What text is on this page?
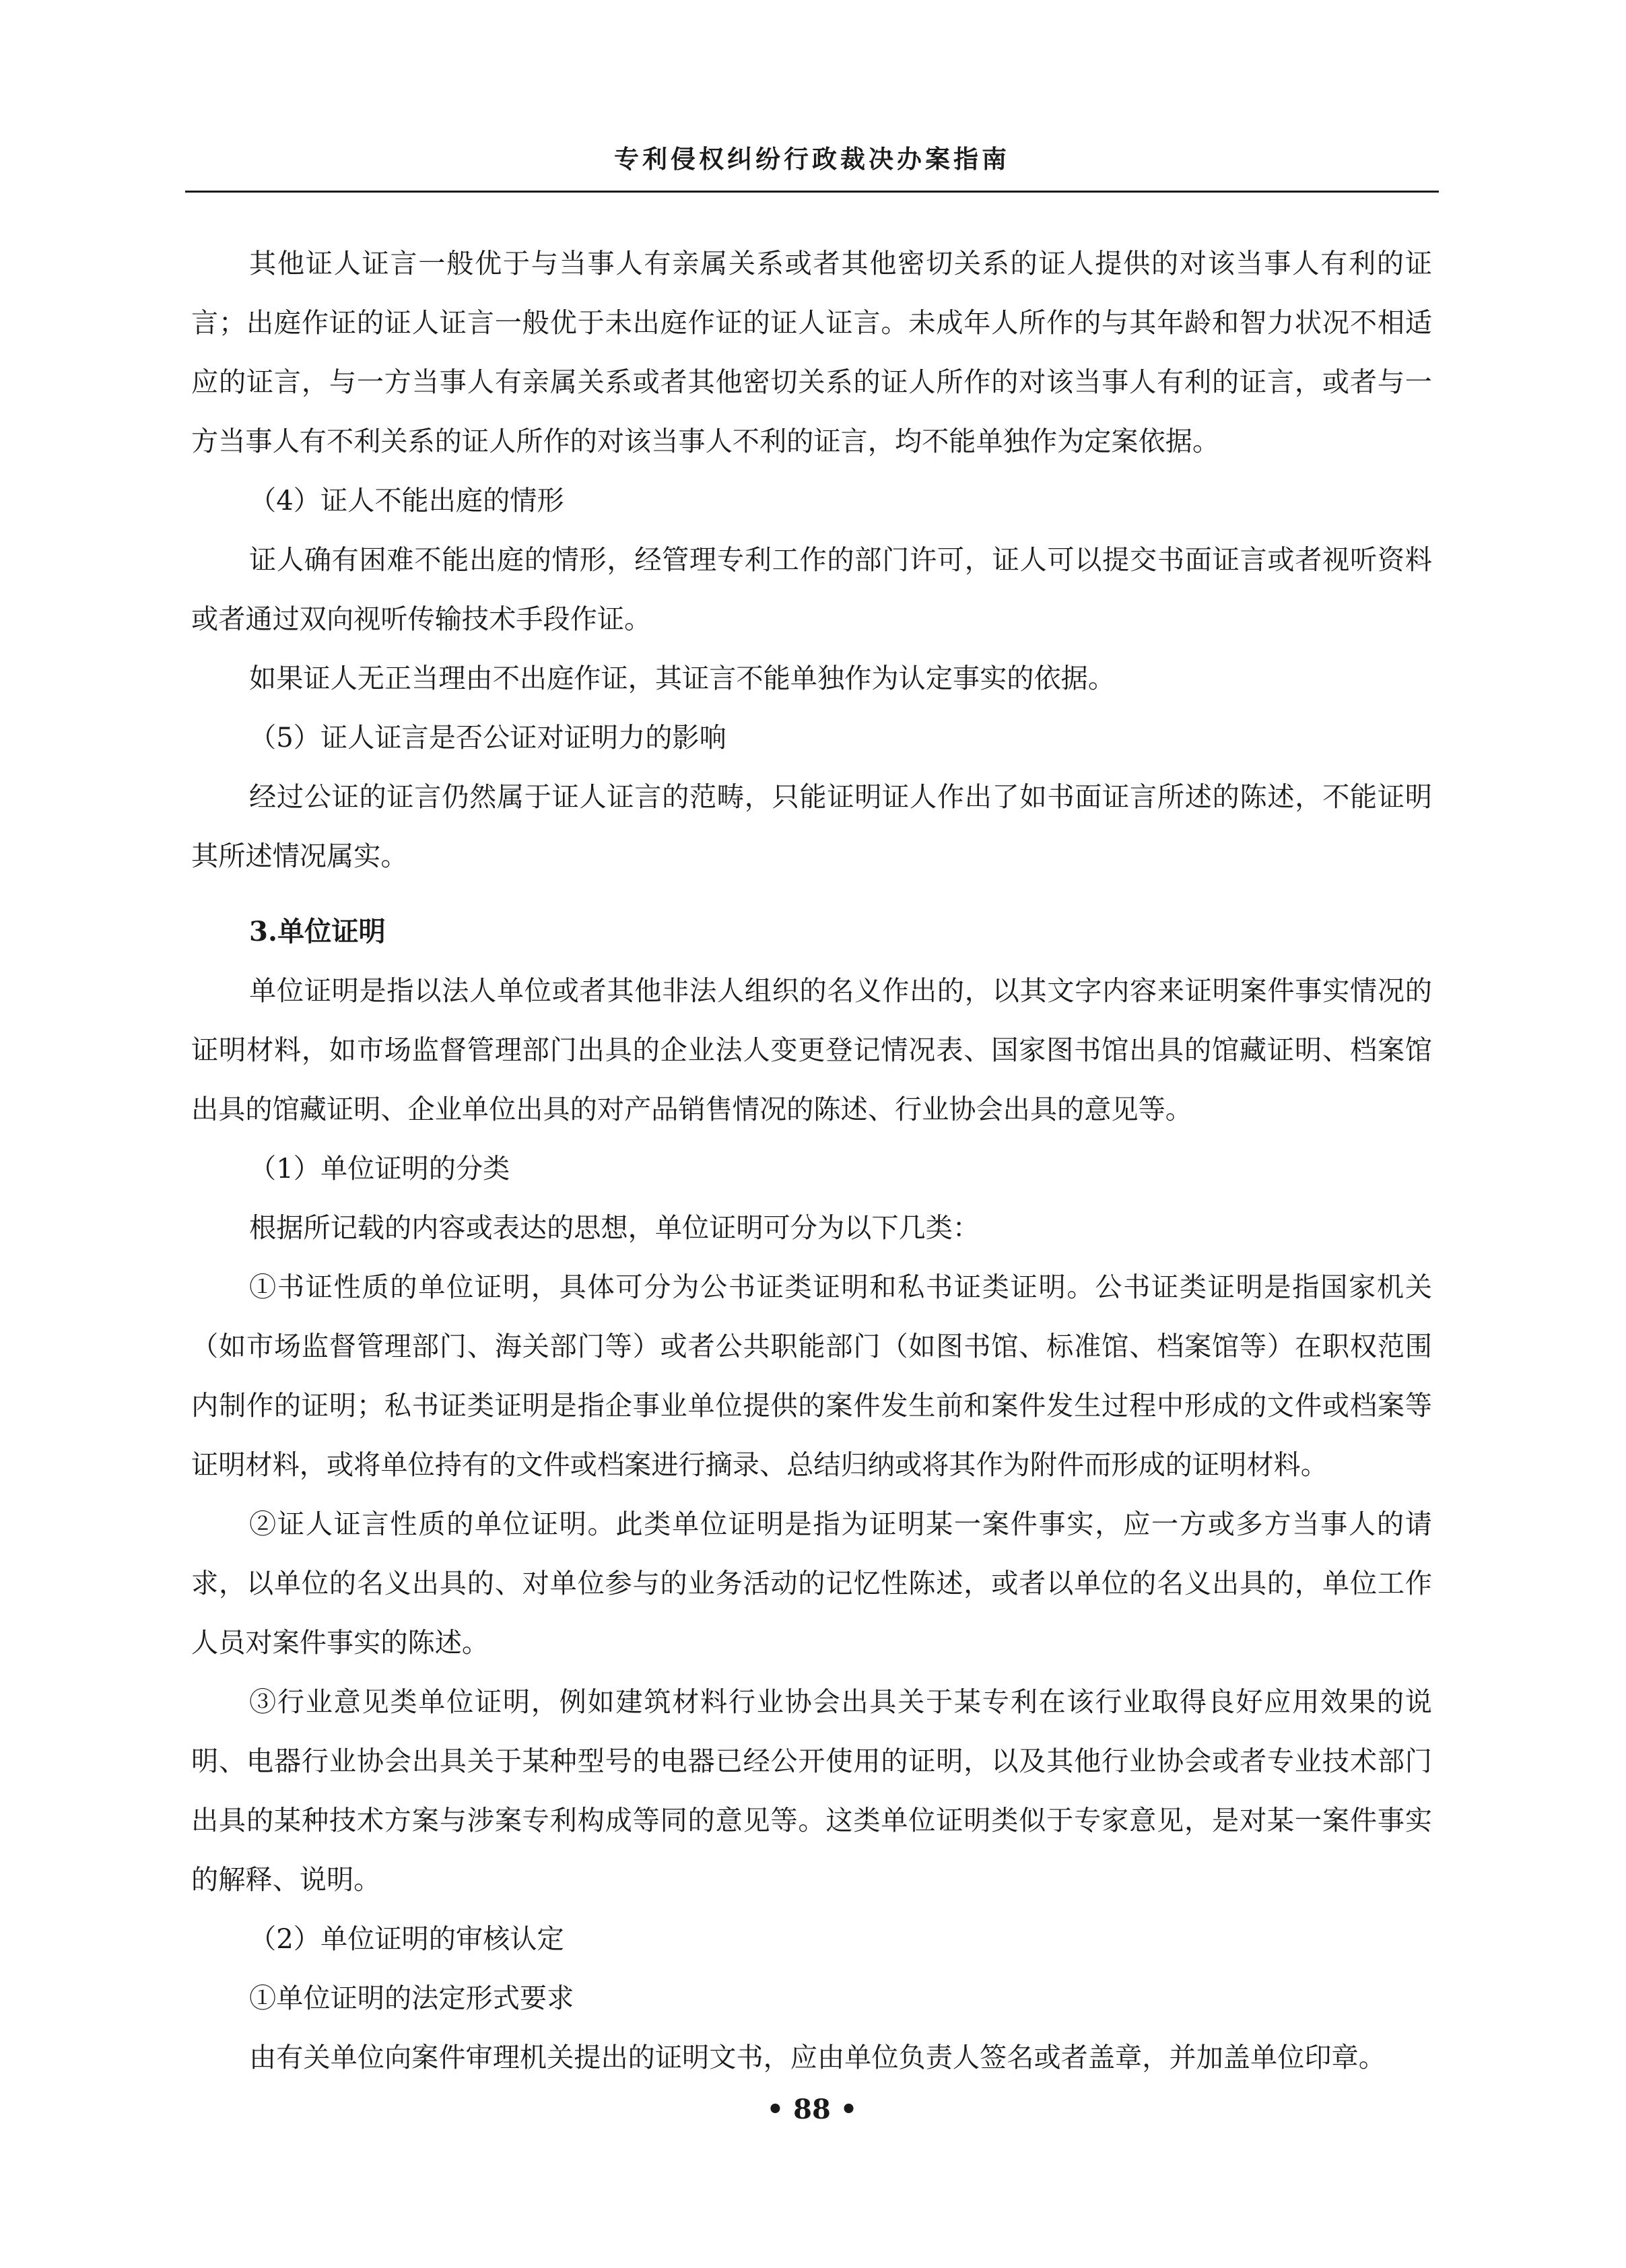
专利侵权纠纷行政裁决办案指南

其他证人证言一般优于与当事人有亲属关系或者其他密切关系的证人提供的对该当事人有利的证言；出庭作证的证人证言一般优于未出庭作证的证人证言。未成年人所作的与其年龄和智力状况不相适应的证言，与一方当事人有亲属关系或者其他密切关系的证人所作的对该当事人有利的证言，或者与一方当事人有不利关系的证人所作的对该当事人不利的证言，均不能单独作为定案依据。

（4）证人不能出庭的情形

证人确有困难不能出庭的情形，经管理专利工作的部门许可，证人可以提交书面证言或者视听资料或者通过双向视听传输技术手段作证。

如果证人无正当理由不出庭作证，其证言不能单独作为认定事实的依据。

（5）证人证言是否公证对证明力的影响

经过公证的证言仍然属于证人证言的范畴，只能证明证人作出了如书面证言所述的陈述，不能证明其所述情况属实。

3.单位证明

单位证明是指以法人单位或者其他非法人组织的名义作出的，以其文字内容来证明案件事实情况的证明材料，如市场监督管理部门出具的企业法人变更登记情况表、国家图书馆出具的馆藏证明、档案馆出具的馆藏证明、企业单位出具的对产品销售情况的陈述、行业协会出具的意见等。

（1）单位证明的分类

根据所记载的内容或表达的思想，单位证明可分为以下几类：

①书证性质的单位证明，具体可分为公书证类证明和私书证类证明。公书证类证明是指国家机关（如市场监督管理部门、海关部门等）或者公共职能部门（如图书馆、标准馆、档案馆等）在职权范围内制作的证明；私书证类证明是指企事业单位提供的案件发生前和案件发生过程中形成的文件或档案等证明材料，或将单位持有的文件或档案进行摘录、总结归纳或将其作为附件而形成的证明材料。

②证人证言性质的单位证明。此类单位证明是指为证明某一案件事实，应一方或多方当事人的请求，以单位的名义出具的、对单位参与的业务活动的记忆性陈述，或者以单位的名义出具的，单位工作人员对案件事实的陈述。

③行业意见类单位证明，例如建筑材料行业协会出具关于某专利在该行业取得良好应用效果的说明、电器行业协会出具关于某种型号的电器已经公开使用的证明，以及其他行业协会或者专业技术部门出具的某种技术方案与涉案专利构成等同的意见等。这类单位证明类似于专家意见，是对某一案件事实的解释、说明。

（2）单位证明的审核认定

①单位证明的法定形式要求

由有关单位向案件审理机关提出的证明文书，应由单位负责人签名或者盖章，并加盖单位印章。

• 88 •
